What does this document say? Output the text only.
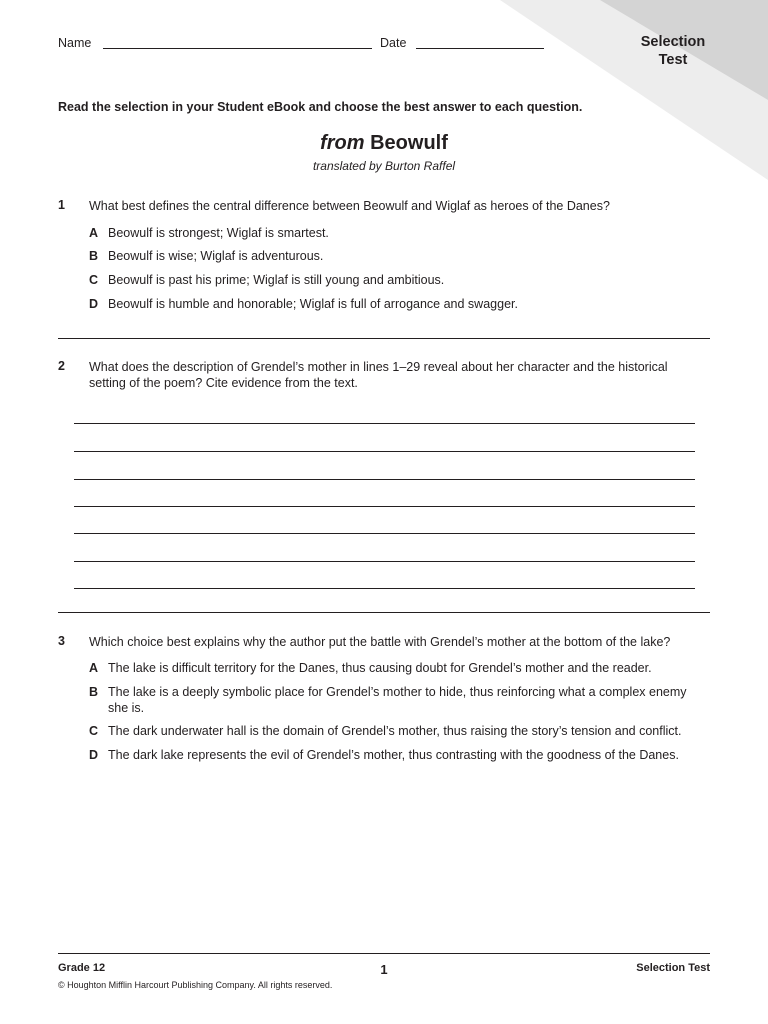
Name	Date	Selection
Test
Read the selection in your Student eBook and choose the best answer to each question.
from Beowulf
translated by Burton Raffel
1 What best defines the central difference between Beowulf and Wiglaf as heroes of the Danes?
A Beowulf is strongest; Wiglaf is smartest.
B Beowulf is wise; Wiglaf is adventurous.
C Beowulf is past his prime; Wiglaf is still young and ambitious.
D Beowulf is humble and honorable; Wiglaf is full of arrogance and swagger.
2 What does the description of Grendel’s mother in lines 1–29 reveal about her character and the historical setting of the poem? Cite evidence from the text.
3 Which choice best explains why the author put the battle with Grendel’s mother at the bottom of the lake?
A The lake is difficult territory for the Danes, thus causing doubt for Grendel’s mother and the reader.
B The lake is a deeply symbolic place for Grendel’s mother to hide, thus reinforcing what a complex enemy she is.
C The dark underwater hall is the domain of Grendel’s mother, thus raising the story’s tension and conflict.
D The dark lake represents the evil of Grendel’s mother, thus contrasting with the goodness of the Danes.
Grade 12	1	Selection Test
© Houghton Mifflin Harcourt Publishing Company. All rights reserved.
